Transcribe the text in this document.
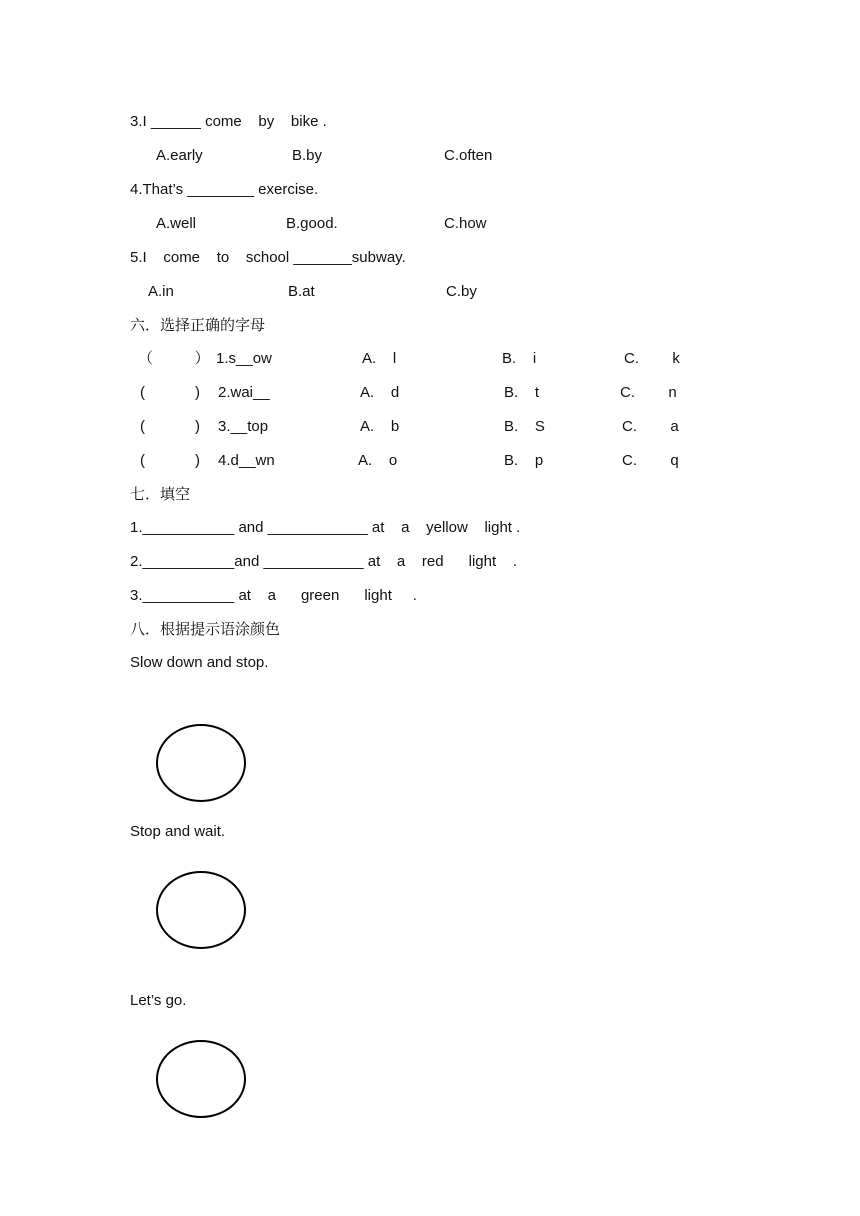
3.I ______ come    by    bike .
A.early	B.by	C.often
4.That’s ________ exercise.
A.well	B.good.	C.how
5.I    come    to    school _______subway.
A.in	B.at	C.by
六．选择正确的字母
（          ） 1.s__ow	A.    l	B.    i	C.        k
(            ) 2.wai__	A.    d	B.    t	C.        n
(            ) 3.__top	A.    b	B.    S	C.        a
(            ) 4.d__wn	A.    o	B.    p	C.        q
七．填空
1.___________ and ____________ at    a    yellow    light .
2.___________and ____________ at    a    red      light    .
3.___________ at    a      green      light     .
八．根据提示语涂颜色
Slow down and stop.
Stop and wait.
Let’s go.
